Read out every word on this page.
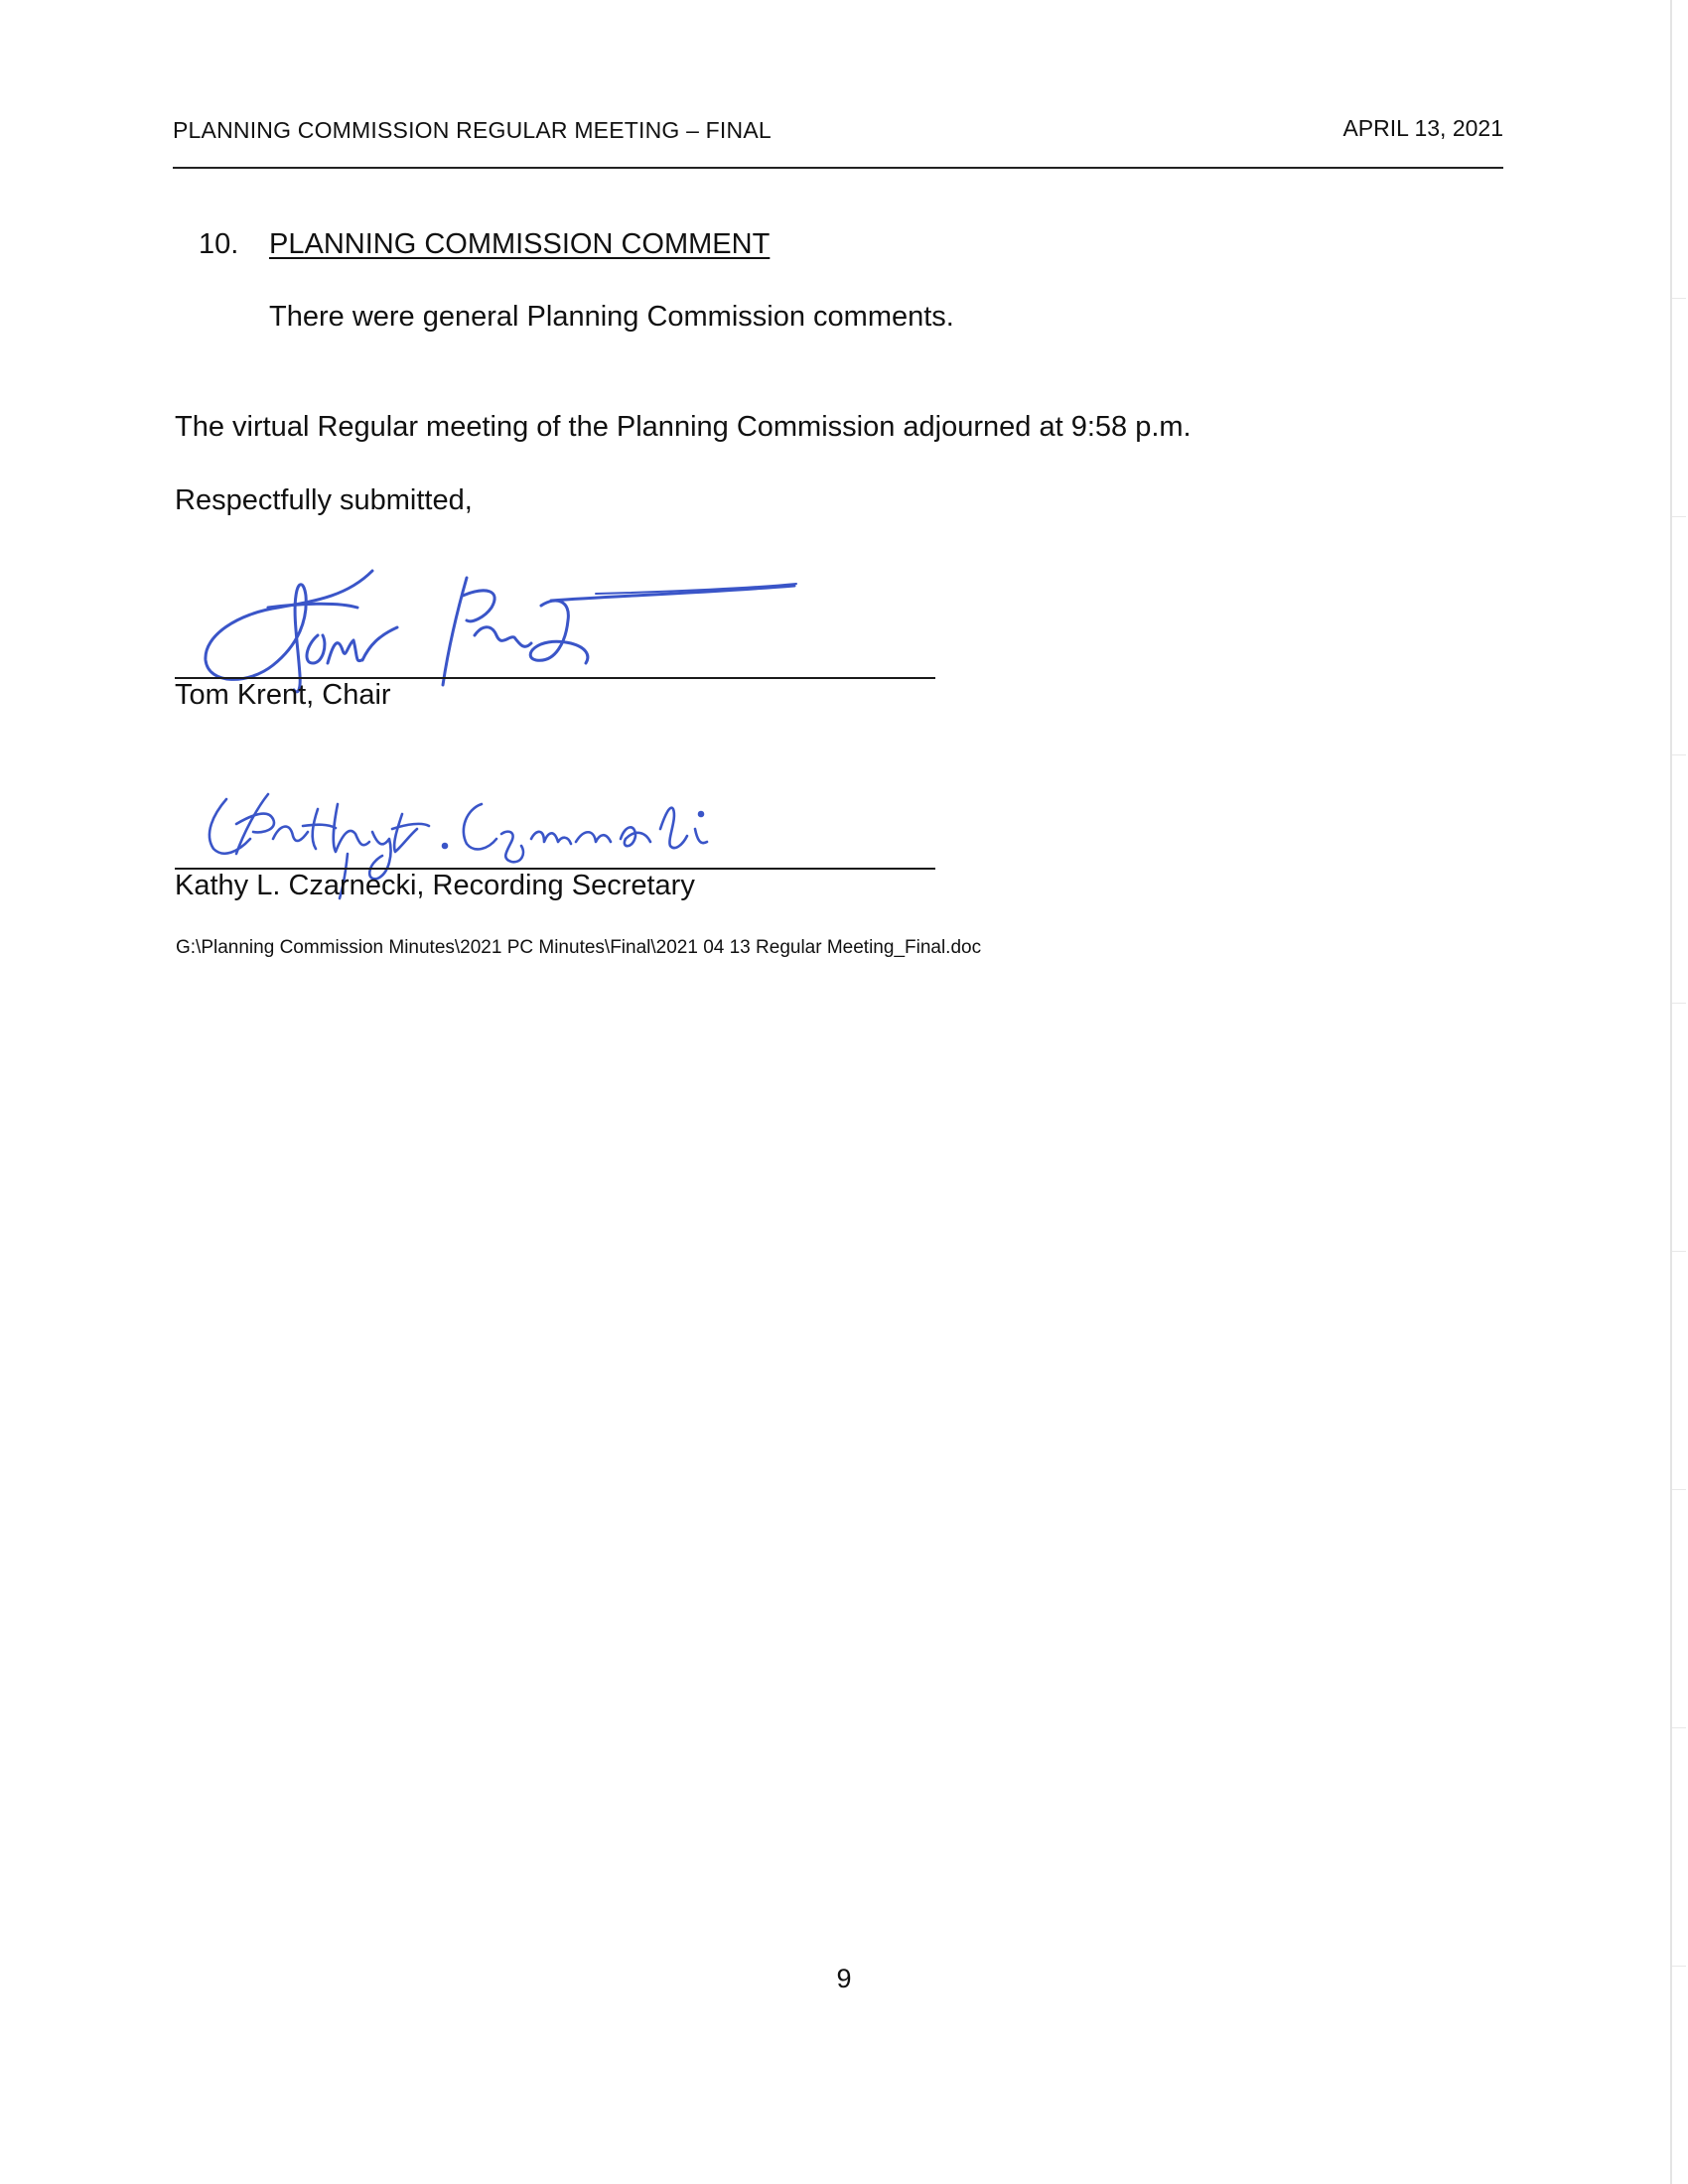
PLANNING COMMISSION REGULAR MEETING – FINAL	APRIL 13, 2021
10. PLANNING COMMISSION COMMENT
There were general Planning Commission comments.
The virtual Regular meeting of the Planning Commission adjourned at 9:58 p.m.
Respectfully submitted,
Tom Krent, Chair
Kathy L. Czarnecki, Recording Secretary
G:\Planning Commission Minutes\2021 PC Minutes\Final\2021 04 13 Regular Meeting_Final.doc
9
